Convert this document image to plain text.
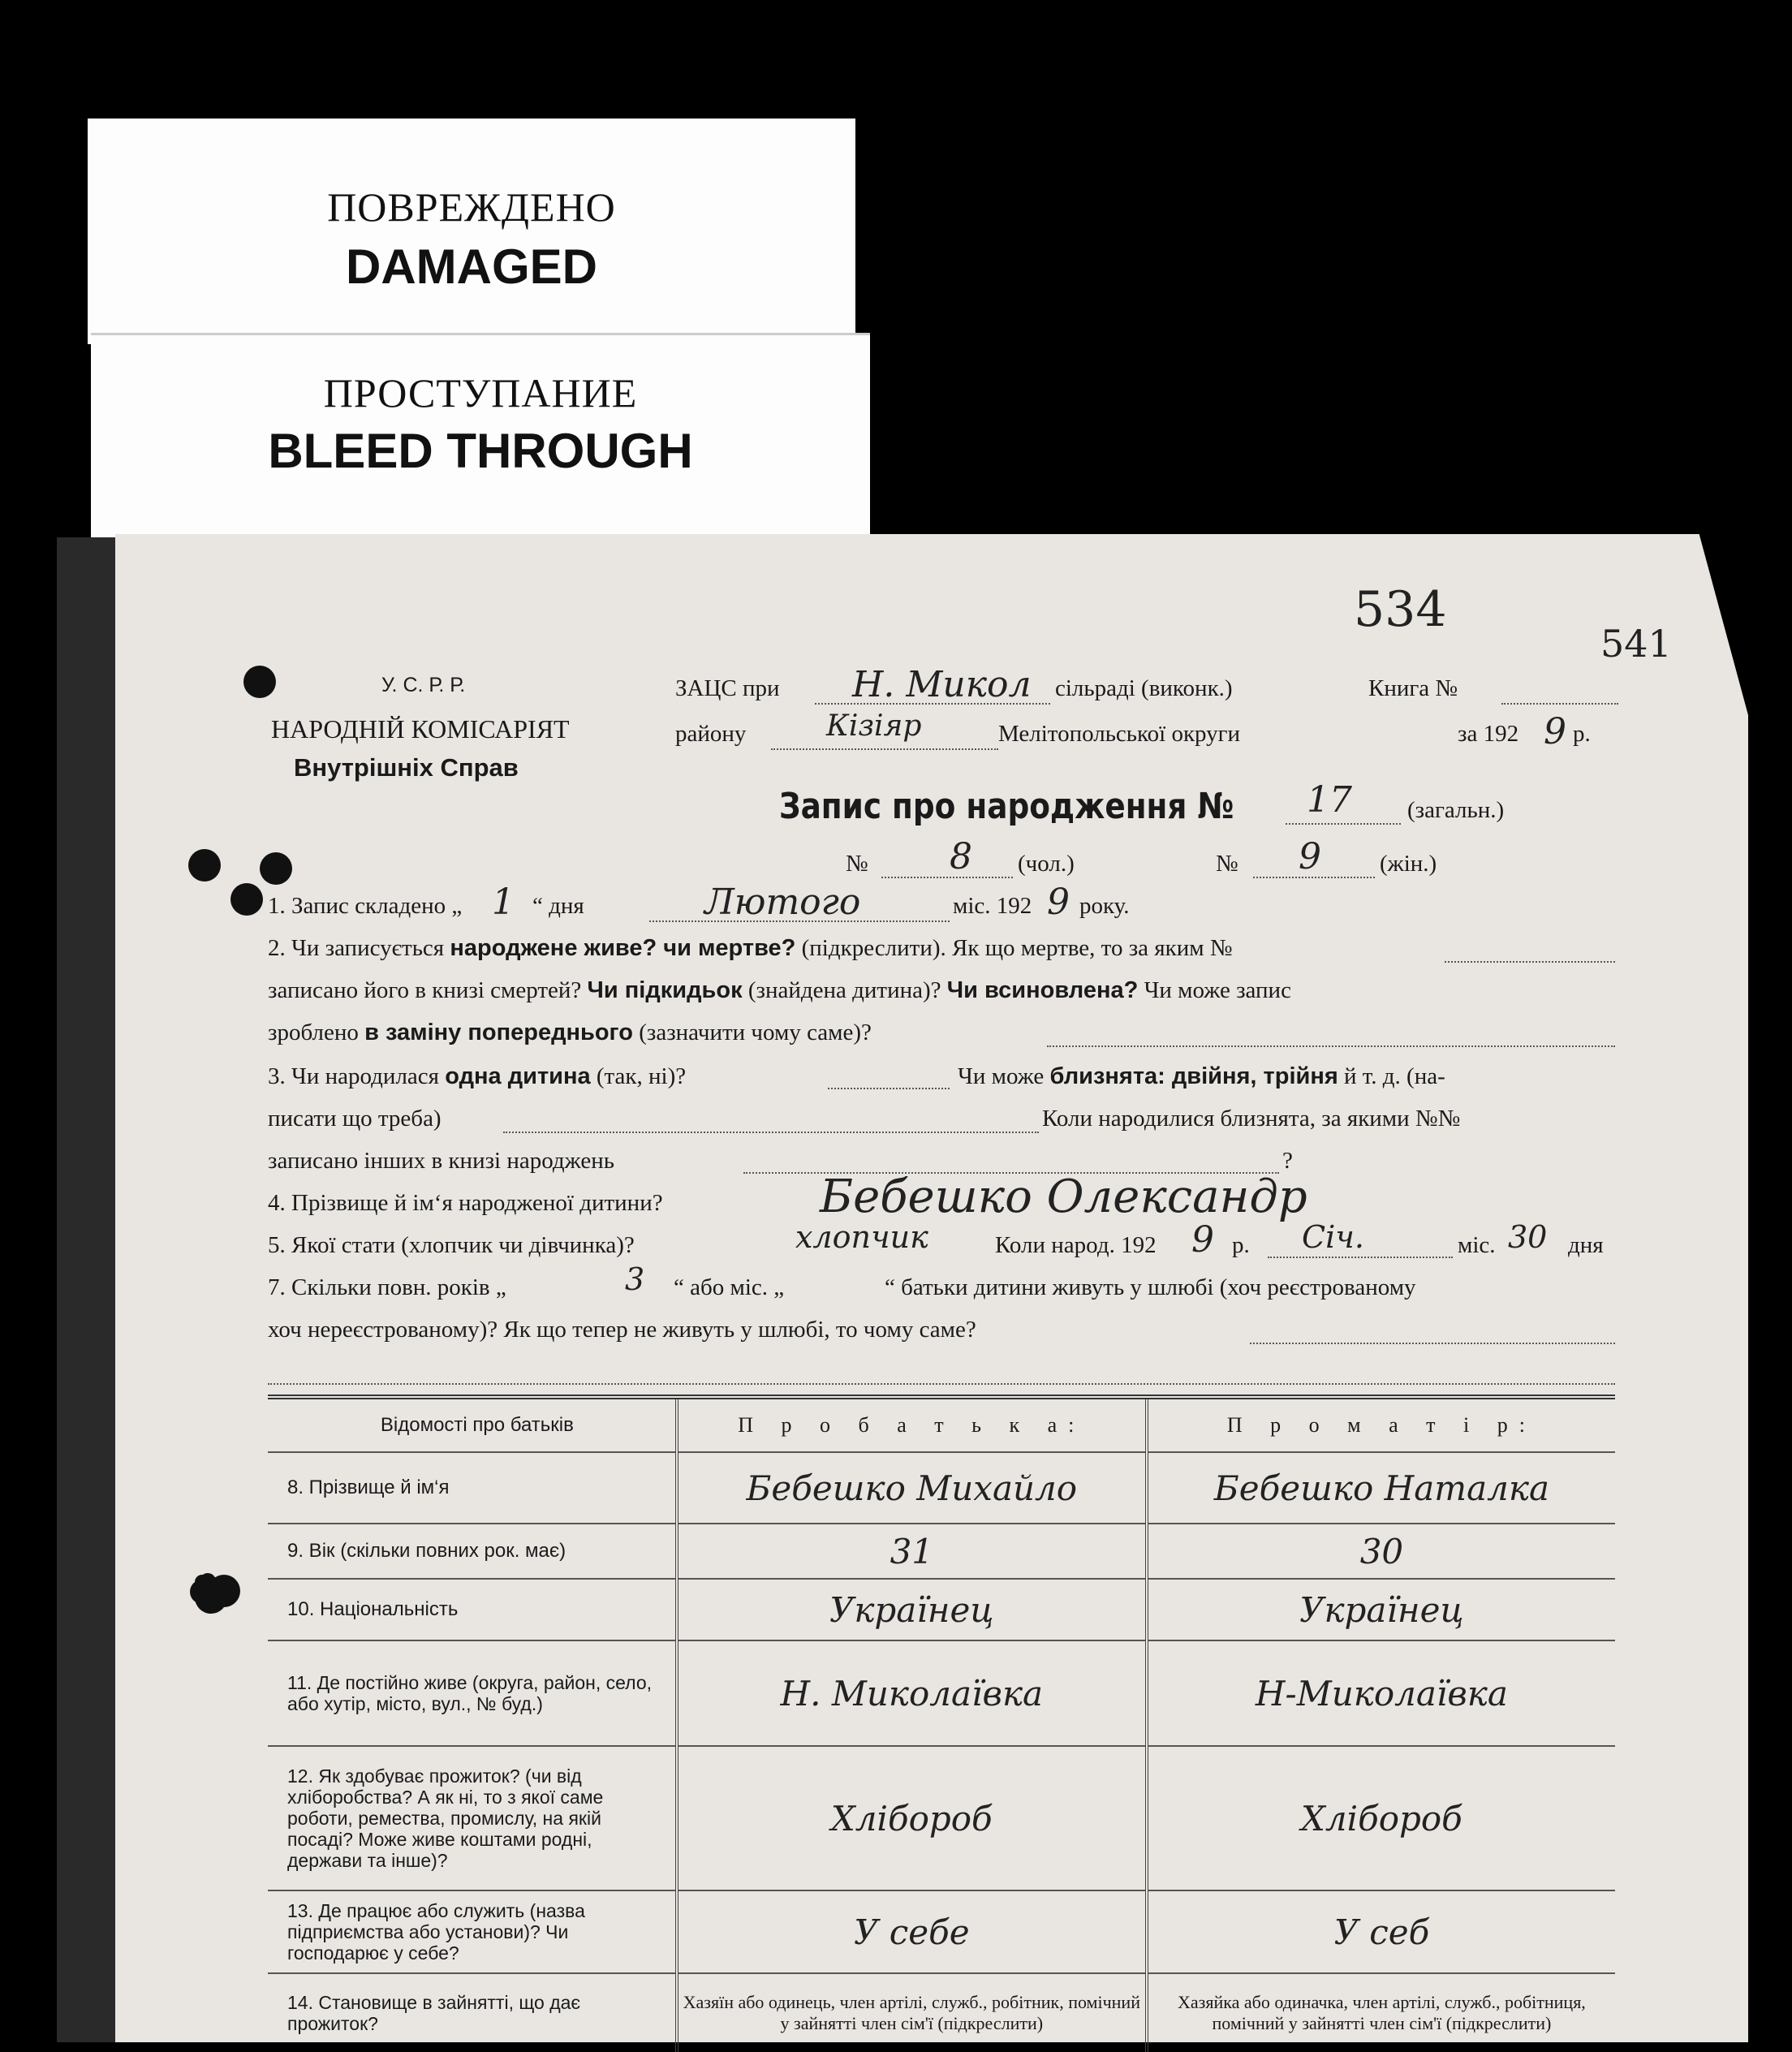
ПОВРЕЖДЕНО
DAMAGED
ПРОСТУПАНИЕ
BLEED THROUGH
534
541
У. С. Р. Р.
НАРОДНІЙ КОМІСАРІЯТ
Внутрішніх Справ
ЗАЦС при Н. Микол сільраді (виконк.)	Книга №
району	Кізіяр	Мелітопольської округи	за 192 9 р.
Запис про народження № 17 (загальн.)
№ 8 (чол.)	№ 9 (жін.)
1. Запис складено „ 1 “ дня	Лютого	міс. 192 9 року.
2. Чи записується народжене живе? чи мертве? (підкреслити). Як що мертве, то за яким №
записано його в книзі смертей? Чи підкидьок (знайдена дитина)? Чи всиновлена? Чи може запис
зроблено в заміну попереднього (зазначити чому саме)?
3. Чи народилася одна дитина (так, ні)?	Чи може близнята: двійня, трійня й т. д. (на-
писати що треба)	Коли народилися близнята, за якими №№
записано інших в книзі народжень	?
4. Прізвище й ім‘я народженої дитини?	Бебешко Олександр
5. Якої стати (хлопчик чи дівчинка)?	хлопчик	Коли народ. 192 9 р. Січ.	міс. 30 дня
7. Скільки повн. років „	3 “ або міс. „	“ батьки дитини живуть у шлюбі (хоч реєстрованому
хоч нереєстрованому)? Як що тепер не живуть у шлюбі, то чому саме?
Відомості про батьків	П р о б а т ь к а:	П р о м а т і р:
8. Прізвище й ім‘я	Бебешко Михайло	Бебешко Наталка
9. Вік (скільки повних рок. має)	31	30
10. Національність	Українец	Українец
11. Де постійно живе (округа, район, село, або хутір, місто, вул., № буд.)	Н. Миколаївка	Н-Миколаївка
12. Як здобуває прожиток? (чи від хліборобства? А як ні, то з якої саме роботи, ремества, промислу, на якій посаді? Може живе коштами родні, держави та інше)?	Хлібороб	Хлібороб
13. Де працює або служить (назва підприємства або установи)? Чи господарює у себе?	У себе	У себ
14. Становище в зайнятті, що дає прожиток?	Хазяїн або одинець, член артілі, служб., робітник, помічний у зайнятті член сім'ї (підкреслити)	Хазяйка або одиначка, член артілі, служб., робітниця, помічний у зайнятті член сім'ї (підкреслити)
